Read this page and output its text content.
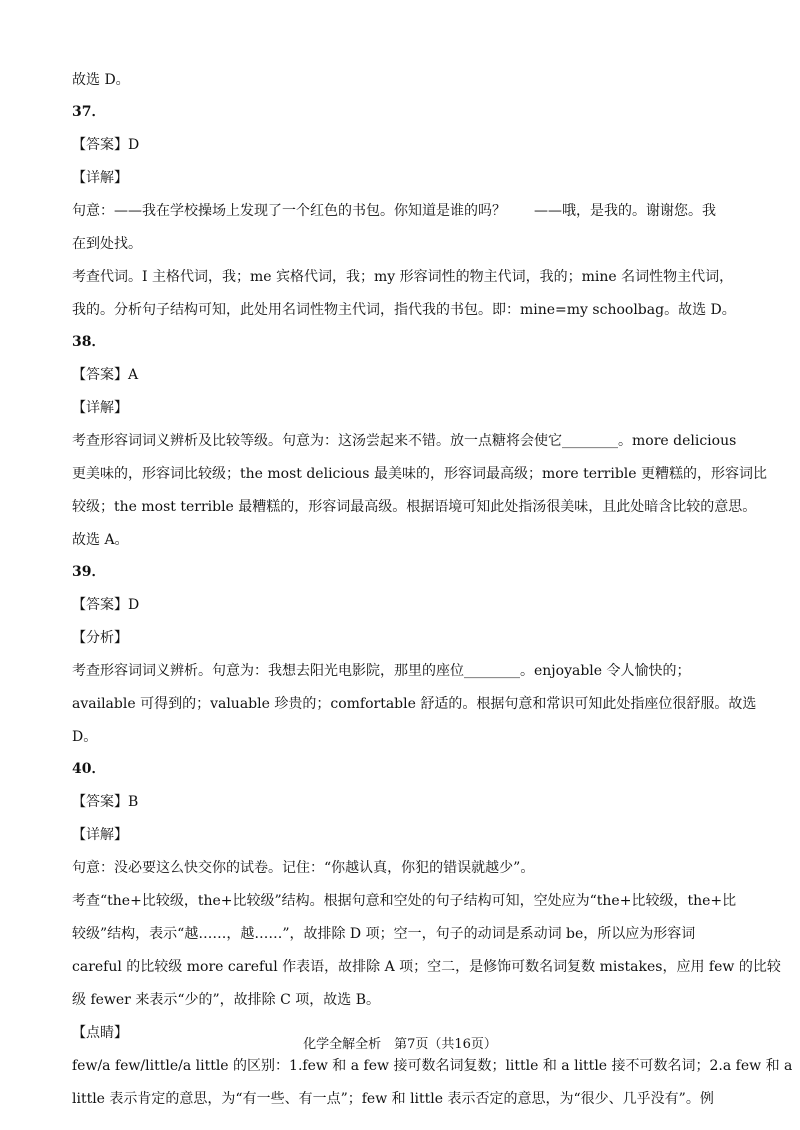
故选 D。
37．
【答案】D
【详解】
句意：——我在学校操场上发现了一个红色的书包。你知道是谁的吗？　　——哦，是我的。谢谢您。我
在到处找。
考查代词。I 主格代词，我；me 宾格代词，我；my 形容词性的物主代词，我的；mine 名词性物主代词，
我的。分析句子结构可知，此处用名词性物主代词，指代我的书包。即：mine=my schoolbag。故选 D。
38．
【答案】A
【详解】
考查形容词词义辨析及比较等级。句意为：这汤尝起来不错。放一点糖将会使它________。more delicious
更美味的，形容词比较级；the most delicious 最美味的，形容词最高级；more terrible 更糟糕的，形容词比
较级；the most terrible 最糟糕的，形容词最高级。根据语境可知此处指汤很美味，且此处暗含比较的意思。
故选 A。
39．
【答案】D
【分析】
考查形容词词义辨析。句意为：我想去阳光电影院，那里的座位________。enjoyable 令人愉快的；
available 可得到的；valuable 珍贵的；comfortable 舒适的。根据句意和常识可知此处指座位很舒服。故选
D。
40．
【答案】B
【详解】
句意：没必要这么快交你的试卷。记住：“你越认真，你犯的错误就越少”。
考查“the+比较级，the+比较级”结构。根据句意和空处的句子结构可知，空处应为“the+比较级，the+比
较级”结构，表示“越……，越……”，故排除 D 项；空一，句子的动词是系动词 be，所以应为形容词
careful 的比较级 more careful 作表语，故排除 A 项；空二，是修饰可数名词复数 mistakes，应用 few 的比较
级 fewer 来表示“少的”，故排除 C 项，故选 B。
【点睛】
few/a few/little/a little 的区别：1.few 和 a few 接可数名词复数；little 和 a little 接不可数名词；2.a few 和 a
little 表示肯定的意思，为“有一些、有一点”；few 和 little 表示否定的意思，为“很少、几乎没有”。例
化学全解全析　第7页（共16页）
